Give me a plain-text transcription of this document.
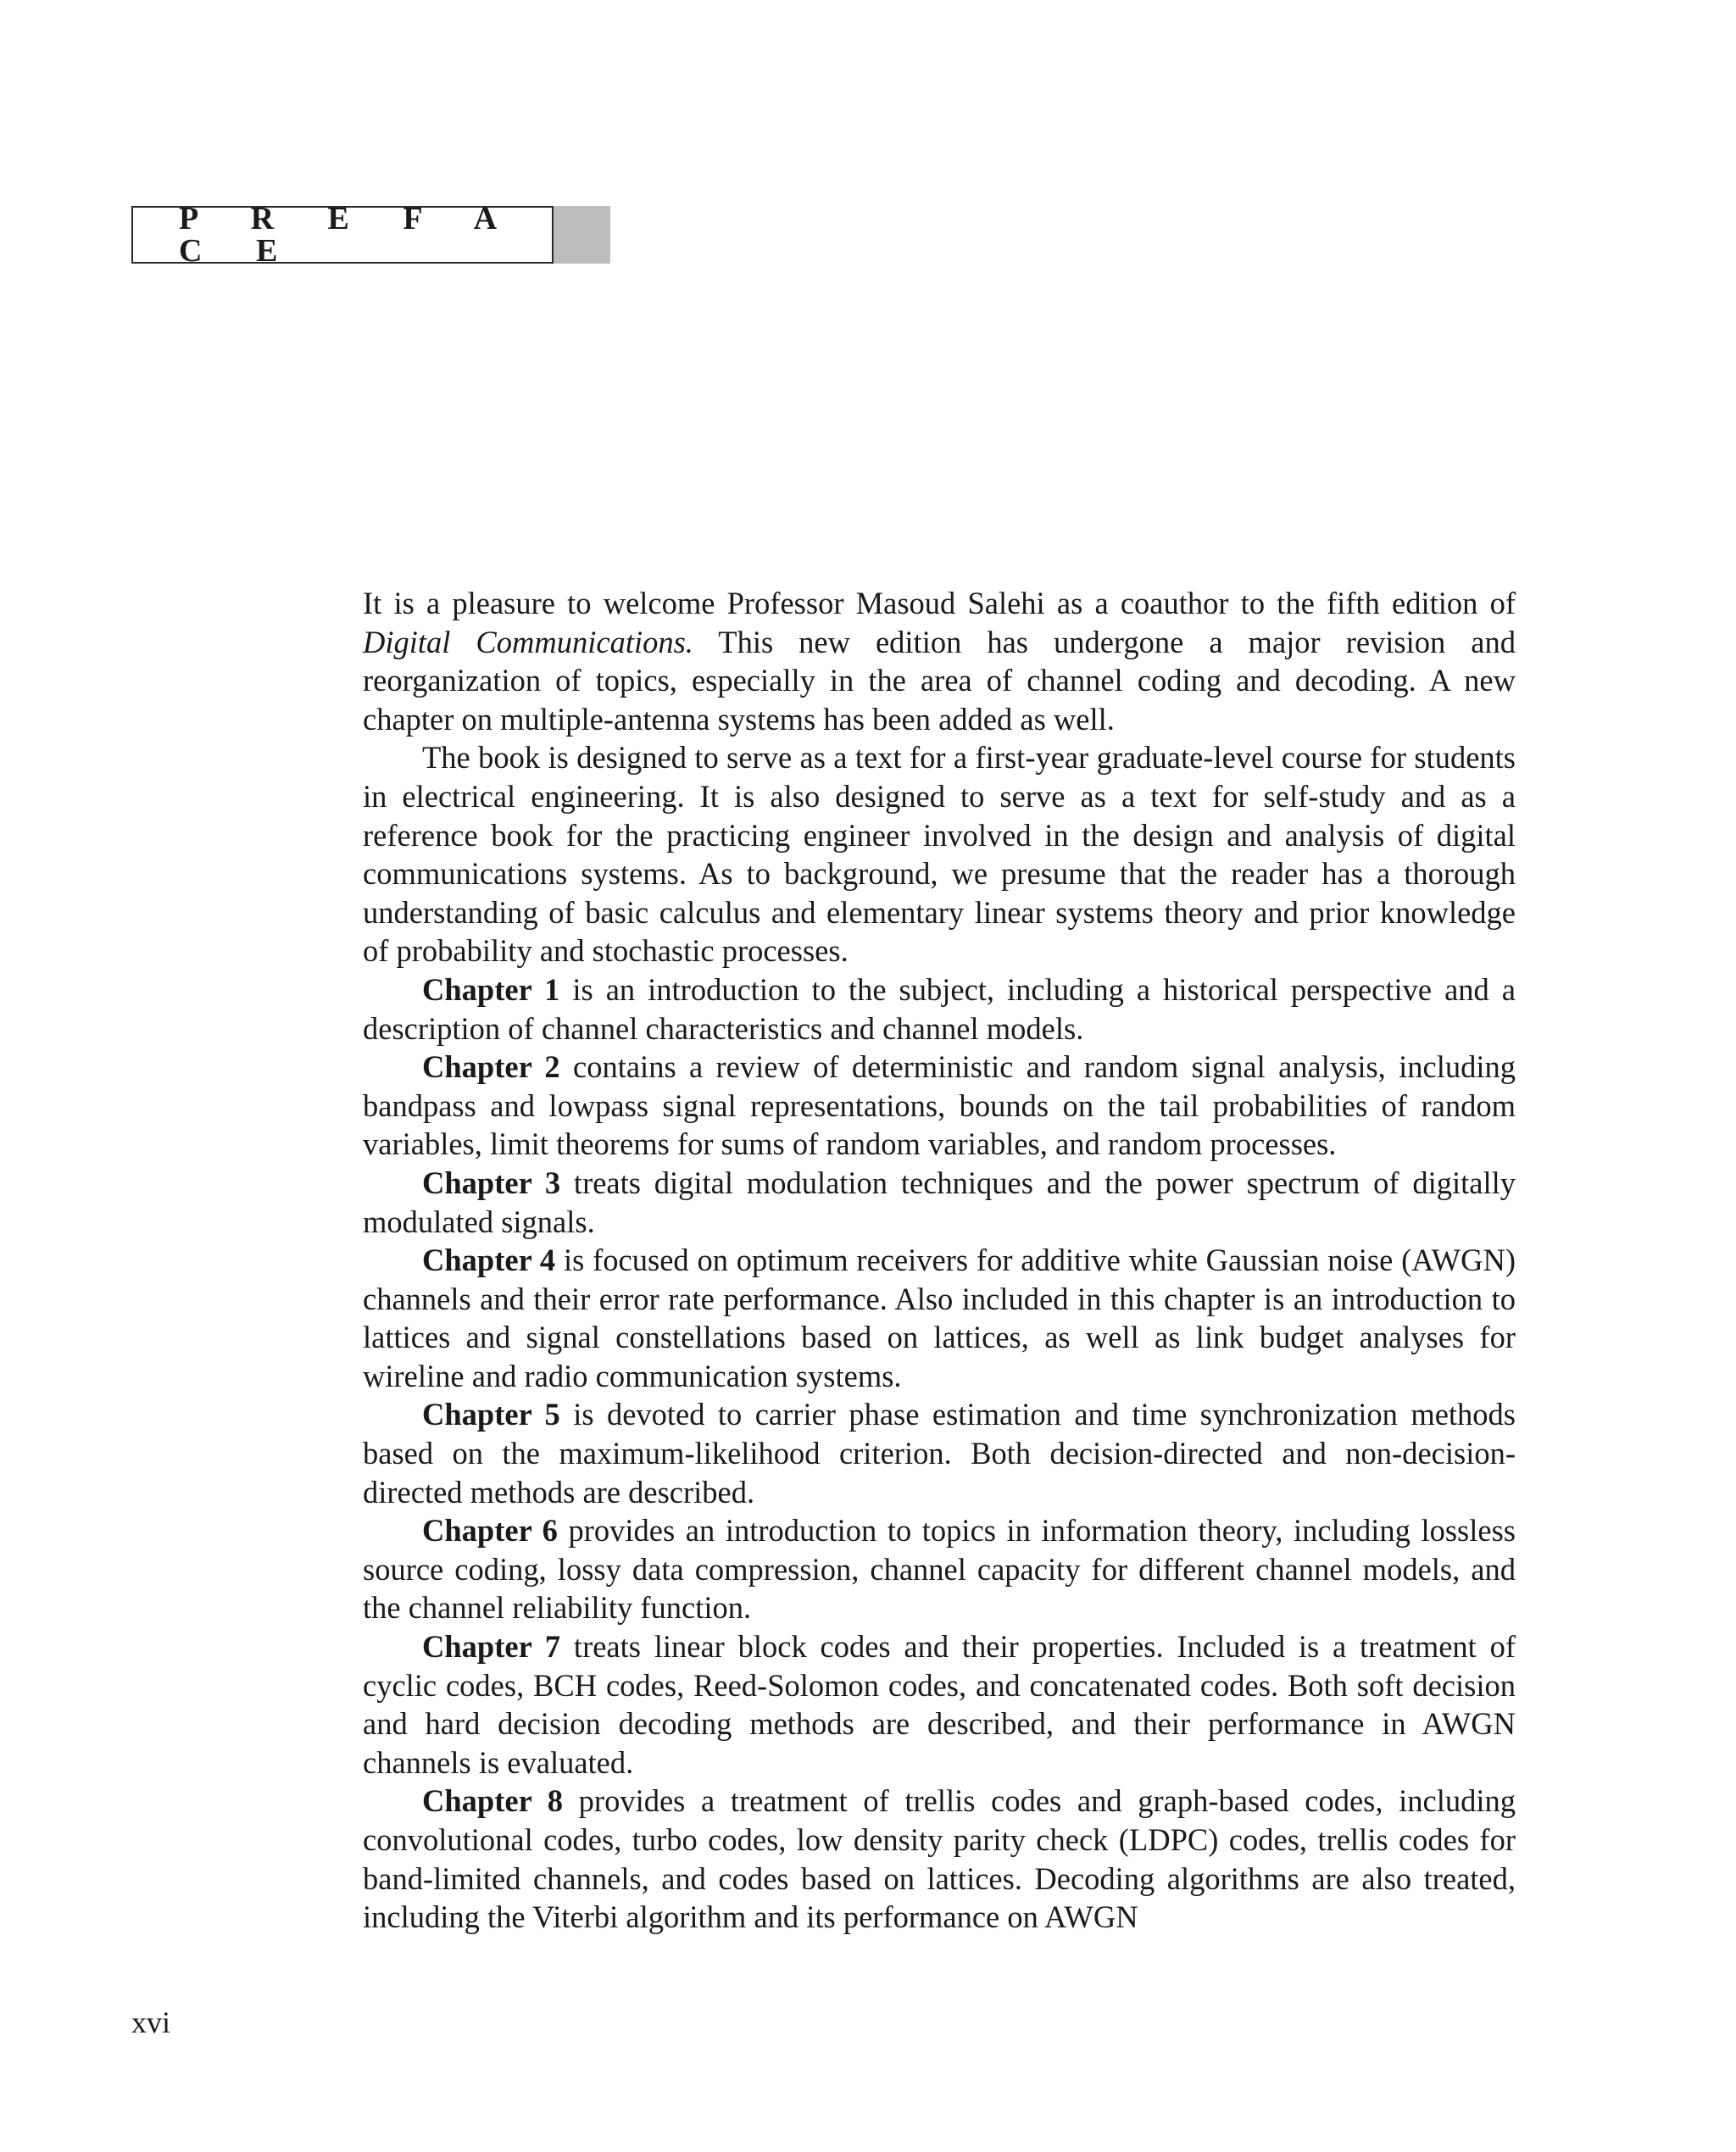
P R E F A C E

It is a pleasure to welcome Professor Masoud Salehi as a coauthor to the fifth edition of Digital Communications. This new edition has undergone a major revision and reorganization of topics, especially in the area of channel coding and decoding. A new chapter on multiple-antenna systems has been added as well.

The book is designed to serve as a text for a first-year graduate-level course for students in electrical engineering. It is also designed to serve as a text for self-study and as a reference book for the practicing engineer involved in the design and analysis of digital communications systems. As to background, we presume that the reader has a thorough understanding of basic calculus and elementary linear systems theory and prior knowledge of probability and stochastic processes.

Chapter 1 is an introduction to the subject, including a historical perspective and a description of channel characteristics and channel models.

Chapter 2 contains a review of deterministic and random signal analysis, including bandpass and lowpass signal representations, bounds on the tail probabilities of random variables, limit theorems for sums of random variables, and random processes.

Chapter 3 treats digital modulation techniques and the power spectrum of digitally modulated signals.

Chapter 4 is focused on optimum receivers for additive white Gaussian noise (AWGN) channels and their error rate performance. Also included in this chapter is an introduction to lattices and signal constellations based on lattices, as well as link budget analyses for wireline and radio communication systems.

Chapter 5 is devoted to carrier phase estimation and time synchronization methods based on the maximum-likelihood criterion. Both decision-directed and non-decision-directed methods are described.

Chapter 6 provides an introduction to topics in information theory, including lossless source coding, lossy data compression, channel capacity for different channel models, and the channel reliability function.

Chapter 7 treats linear block codes and their properties. Included is a treatment of cyclic codes, BCH codes, Reed-Solomon codes, and concatenated codes. Both soft decision and hard decision decoding methods are described, and their performance in AWGN channels is evaluated.

Chapter 8 provides a treatment of trellis codes and graph-based codes, including convolutional codes, turbo codes, low density parity check (LDPC) codes, trellis codes for band-limited channels, and codes based on lattices. Decoding algorithms are also treated, including the Viterbi algorithm and its performance on AWGN

xvi
